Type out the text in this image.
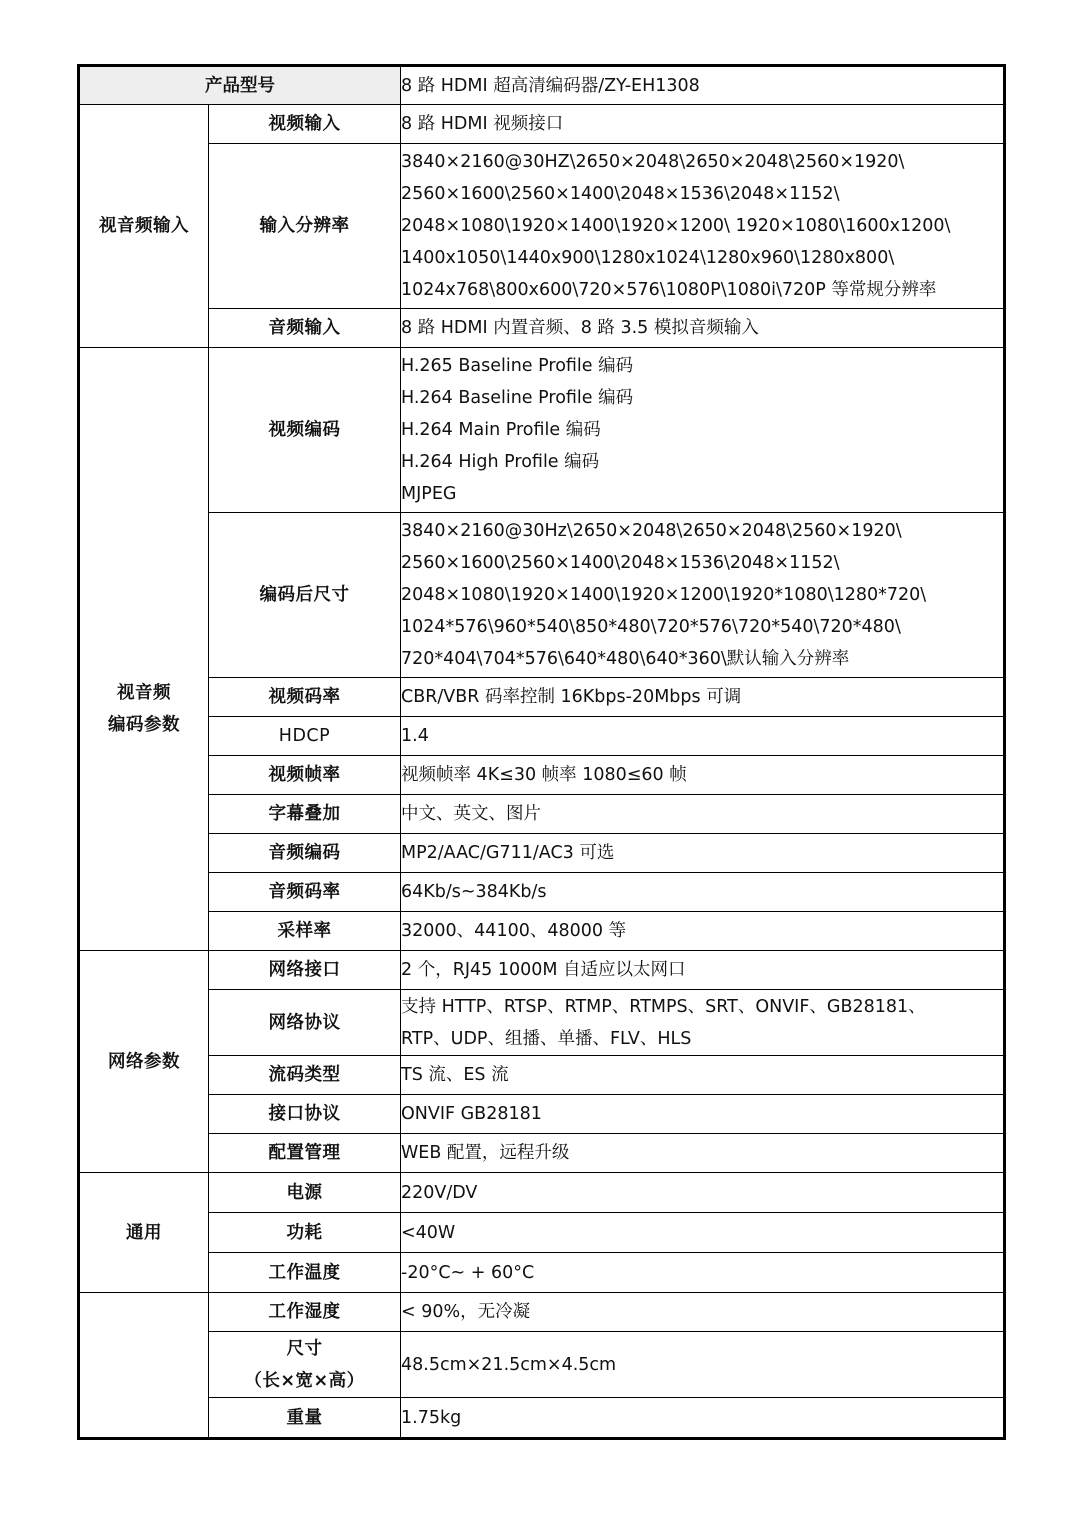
产品型号		8 路 HDMI 超高清编码器/ZY-EH1308
视音频输入	视频输入	8 路 HDMI 视频接口
	输入分辨率	3840×2160@30HZ\2650×2048\2650×2048\2560×1920\
2560×1600\2560×1400\2048×1536\2048×1152\
2048×1080\1920×1400\1920×1200\ 1920×1080\1600x1200\
1400x1050\1440x900\1280x1024\1280x960\1280x800\
1024x768\800x600\720×576\1080P\1080i\720P 等常规分辨率

	音频输入	8 路 HDMI 内置音频、8 路 3.5 模拟音频输入

视音频
编码参数	视频编码	H.265 Baseline Profile 编码
H.264 Baseline Profile 编码
H.264 Main Profile 编码
H.264 High Profile 编码
MJPEG

	编码后尺寸	3840×2160@30Hz\2650×2048\2650×2048\2560×1920\
2560×1600\2560×1400\2048×1536\2048×1152\
2048×1080\1920×1400\1920×1200\1920*1080\1280*720\
1024*576\960*540\850*480\720*576\720*540\720*480\
720*404\704*576\640*480\640*360\默认输入分辨率

	视频码率	CBR/VBR 码率控制 16Kbps-20Mbps 可调
	HDCP	1.4
	视频帧率	视频帧率 4K≤30 帧率 1080≤60 帧
	字幕叠加	中文、英文、图片
	音频编码	MP2/AAC/G711/AC3 可选
	音频码率	64Kb/s~384Kb/s
	采样率	32000、44100、48000 等
网络参数	网络接口	2 个，RJ45 1000M 自适应以太网口
	网络协议	支持 HTTP、RTSP、RTMP、RTMPS、SRT、ONVIF、GB28181、
RTP、UDP、组播、单播、FLV、HLS

	流码类型	TS 流、ES 流
	接口协议	ONVIF GB28181
	配置管理	WEB 配置，远程升级
通用	电源	220V/DV
	功耗	<40W
	工作温度	-20°C~ + 60°C
	工作湿度	< 90%，无冷凝

	尺寸
（长×宽×高）	48.5cm×21.5cm×4.5cm
	重量	1.75kg
